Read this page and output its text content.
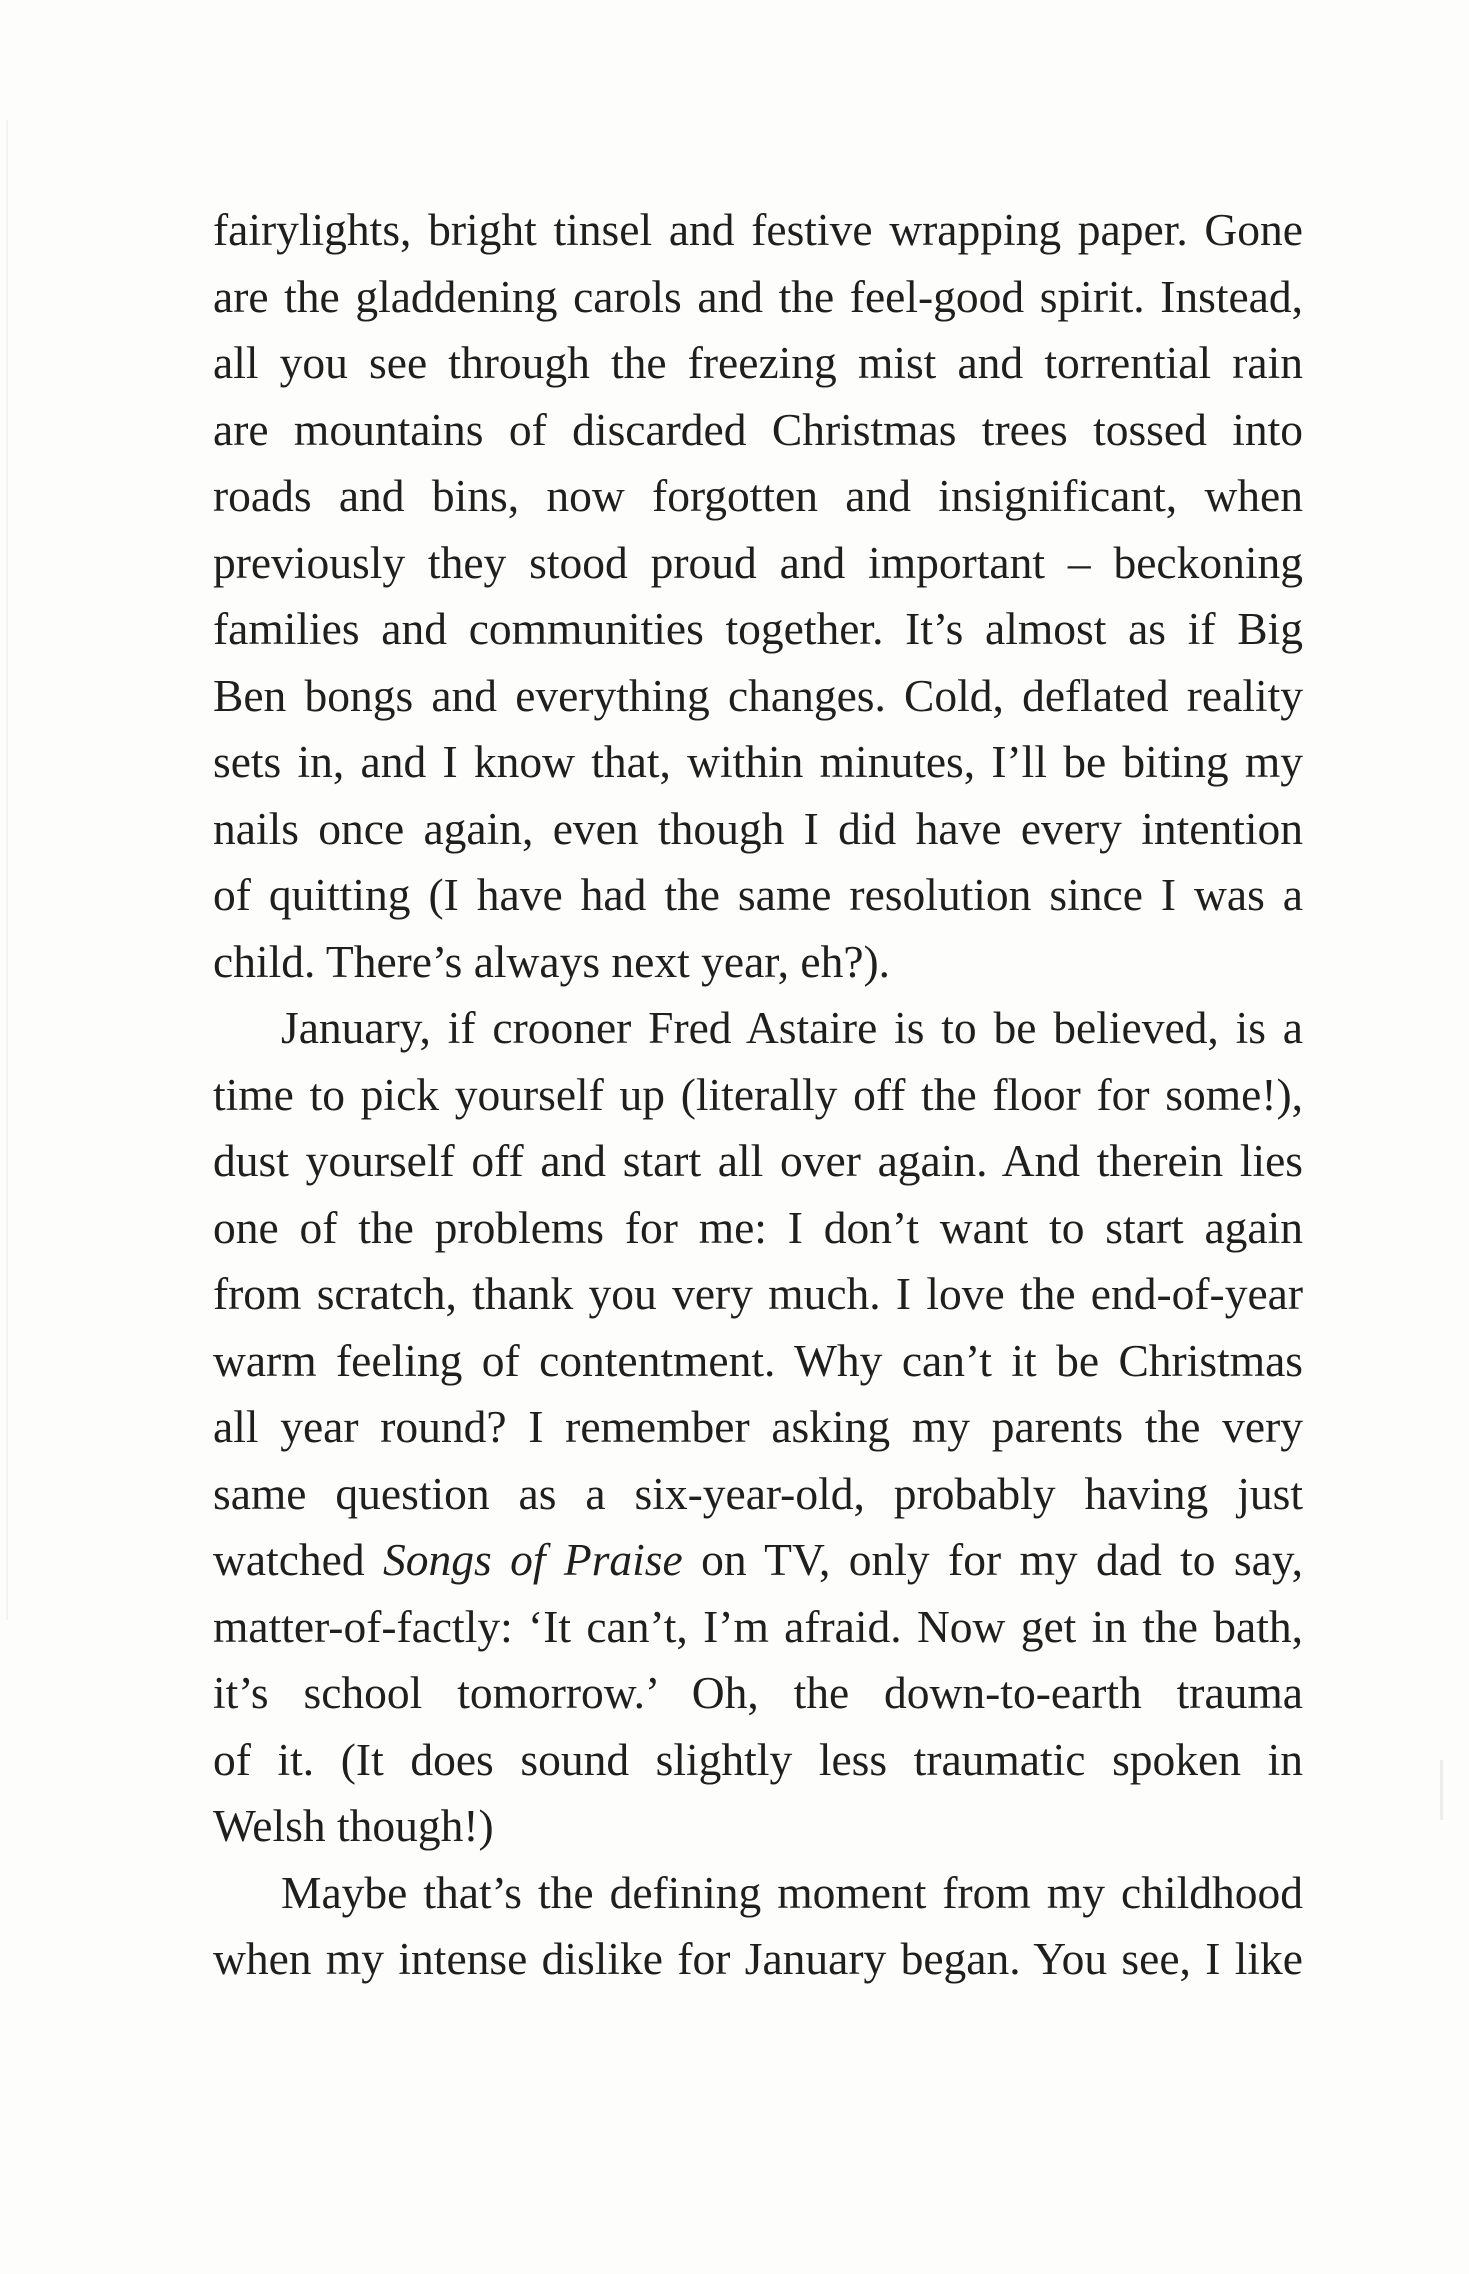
fairylights, bright tinsel and festive wrapping paper. Gone
are the gladdening carols and the feel-good spirit. Instead,
all you see through the freezing mist and torrential rain
are mountains of discarded Christmas trees tossed into
roads and bins, now forgotten and insignificant, when
previously they stood proud and important – beckoning
families and communities together. It’s almost as if Big
Ben bongs and everything changes. Cold, deflated reality
sets in, and I know that, within minutes, I’ll be biting my
nails once again, even though I did have every intention
of quitting (I have had the same resolution since I was a
child. There’s always next year, eh?).
January, if crooner Fred Astaire is to be believed, is a
time to pick yourself up (literally off the floor for some!),
dust yourself off and start all over again. And therein lies
one of the problems for me: I don’t want to start again
from scratch, thank you very much. I love the end-of-year
warm feeling of contentment. Why can’t it be Christmas
all year round? I remember asking my parents the very
same question as a six-year-old, probably having just
watched Songs of Praise on TV, only for my dad to say,
matter-of-factly: ‘It can’t, I’m afraid. Now get in the bath,
it’s school tomorrow.’ Oh, the down-to-earth trauma
of it. (It does sound slightly less traumatic spoken in
Welsh though!)
Maybe that’s the defining moment from my childhood
when my intense dislike for January began. You see, I like
